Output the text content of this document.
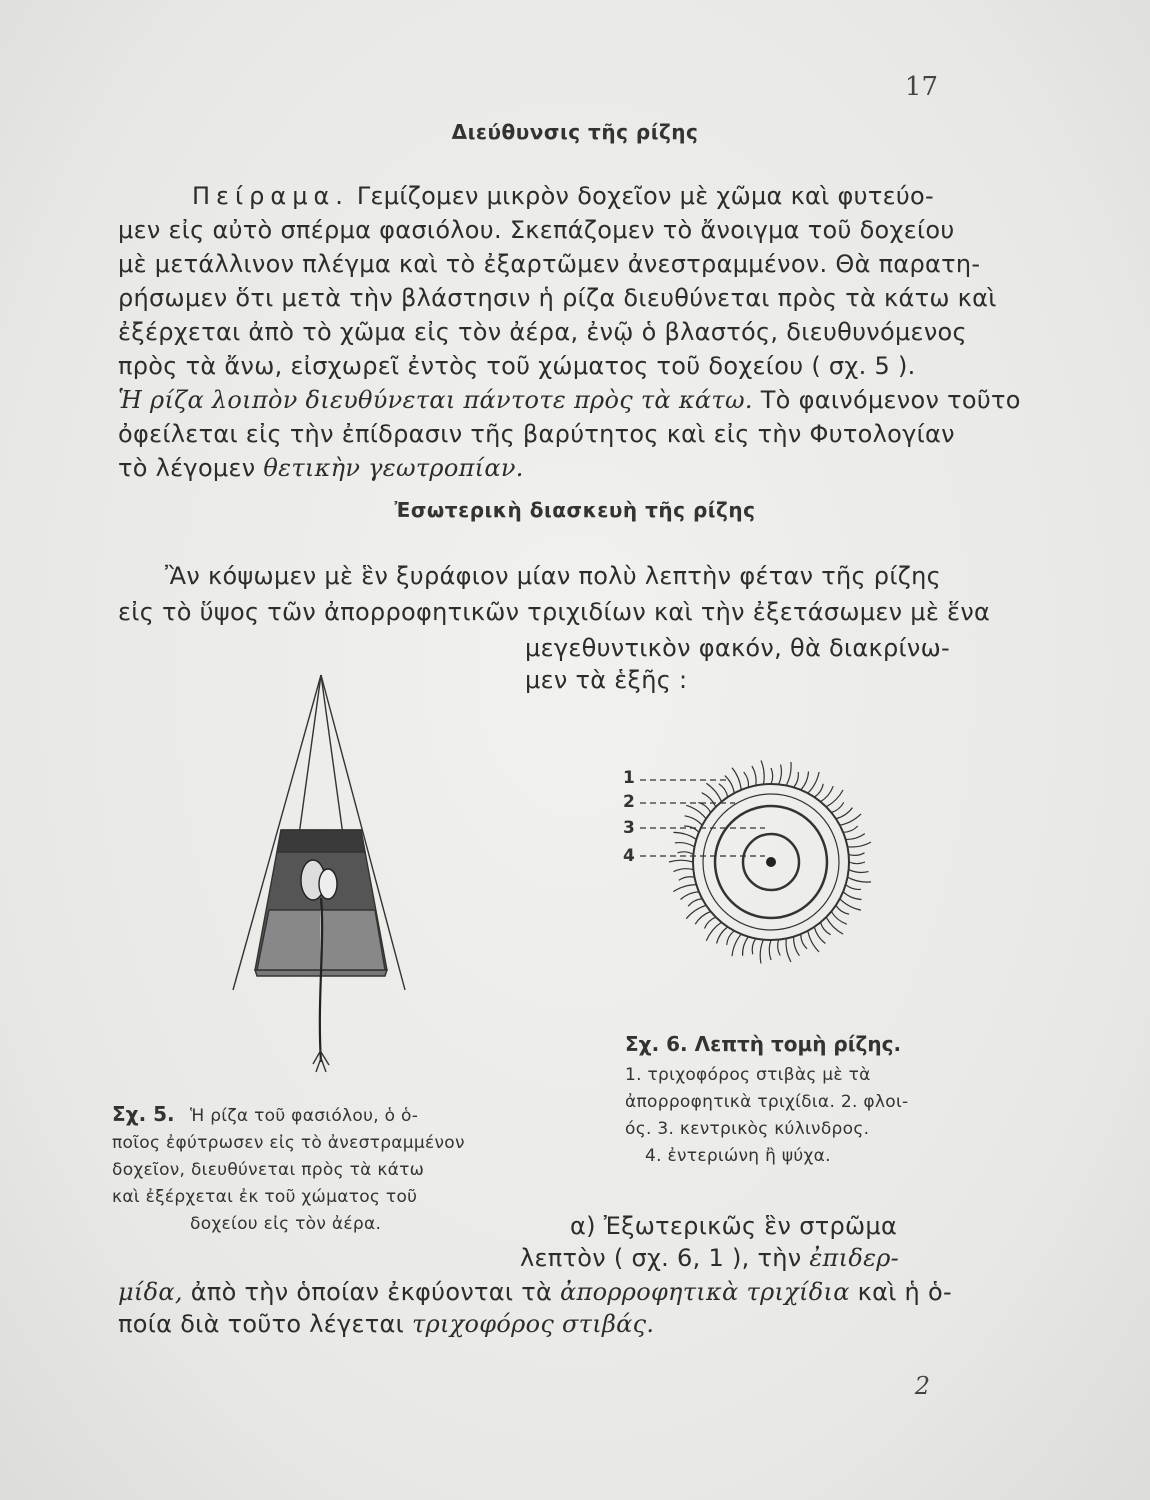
17
Διεύθυνσις τῆς ρίζης
Πείραμα. Γεμίζομεν μικρὸν δοχεῖον μὲ χῶμα καὶ φυτεύο-
μεν εἰς αὐτὸ σπέρμα φασιόλου. Σκεπάζομεν τὸ ἄνοιγμα τοῦ δοχείου
μὲ μετάλλινον πλέγμα καὶ τὸ ἐξαρτῶμεν ἀνεστραμμένον. Θὰ παρατη-
ρήσωμεν ὅτι μετὰ τὴν βλάστησιν ἡ ρίζα διευθύνεται πρὸς τὰ κάτω καὶ
ἐξέρχεται ἀπὸ τὸ χῶμα εἰς τὸν ἀέρα, ἐνῷ ὁ βλαστός, διευθυνόμενος
πρὸς τὰ ἄνω, εἰσχωρεῖ ἐντὸς τοῦ χώματος τοῦ δοχείου ( σχ. 5 ).
Ἡ ρίζα λοιπὸν διευθύνεται πάντοτε πρὸς τὰ κάτω. Τὸ φαινόμενον τοῦτο
ὀφείλεται εἰς τὴν ἐπίδρασιν τῆς βαρύτητος καὶ εἰς τὴν Φυτολογίαν
τὸ λέγομεν θετικὴν γεωτροπίαν.
Ἐσωτερικὴ διασκευὴ τῆς ρίζης
Ἂν κόψωμεν μὲ ἓν ξυράφιον μίαν πολὺ λεπτὴν φέταν τῆς ρίζης
εἰς τὸ ὕψος τῶν ἀπορροφητικῶν τριχιδίων καὶ τὴν ἐξετάσωμεν μὲ ἕνα
μεγεθυντικὸν φακόν, θὰ διακρίνω-
μεν τὰ ἑξῆς :
1
2
3
4
Σχ. 6. Λεπτὴ τομὴ ρίζης.
1. τριχοφόρος στιβὰς μὲ τὰ
ἀπορροφητικὰ τριχίδια. 2. φλοι-
ός. 3. κεντρικὸς κύλινδρος.
4. ἐντεριώνη ἢ ψύχα.
Σχ. 5. Ἡ ρίζα τοῦ φασιόλου, ὁ ὁ-
ποῖος ἐφύτρωσεν εἰς τὸ ἀνεστραμμένον
δοχεῖον, διευθύνεται πρὸς τὰ κάτω
καὶ ἐξέρχεται ἐκ τοῦ χώματος τοῦ
δοχείου εἰς τὸν ἀέρα.	α) Ἐξωτερικῶς ἓν στρῶμα
λεπτὸν ( σχ. 6, 1 ), τὴν ἐπιδερ-
μίδα, ἀπὸ τὴν ὁποίαν ἐκφύονται τὰ ἀπορροφητικὰ τριχίδια καὶ ἡ ὁ-
ποία διὰ τοῦτο λέγεται τριχοφόρος στιβάς.
2
